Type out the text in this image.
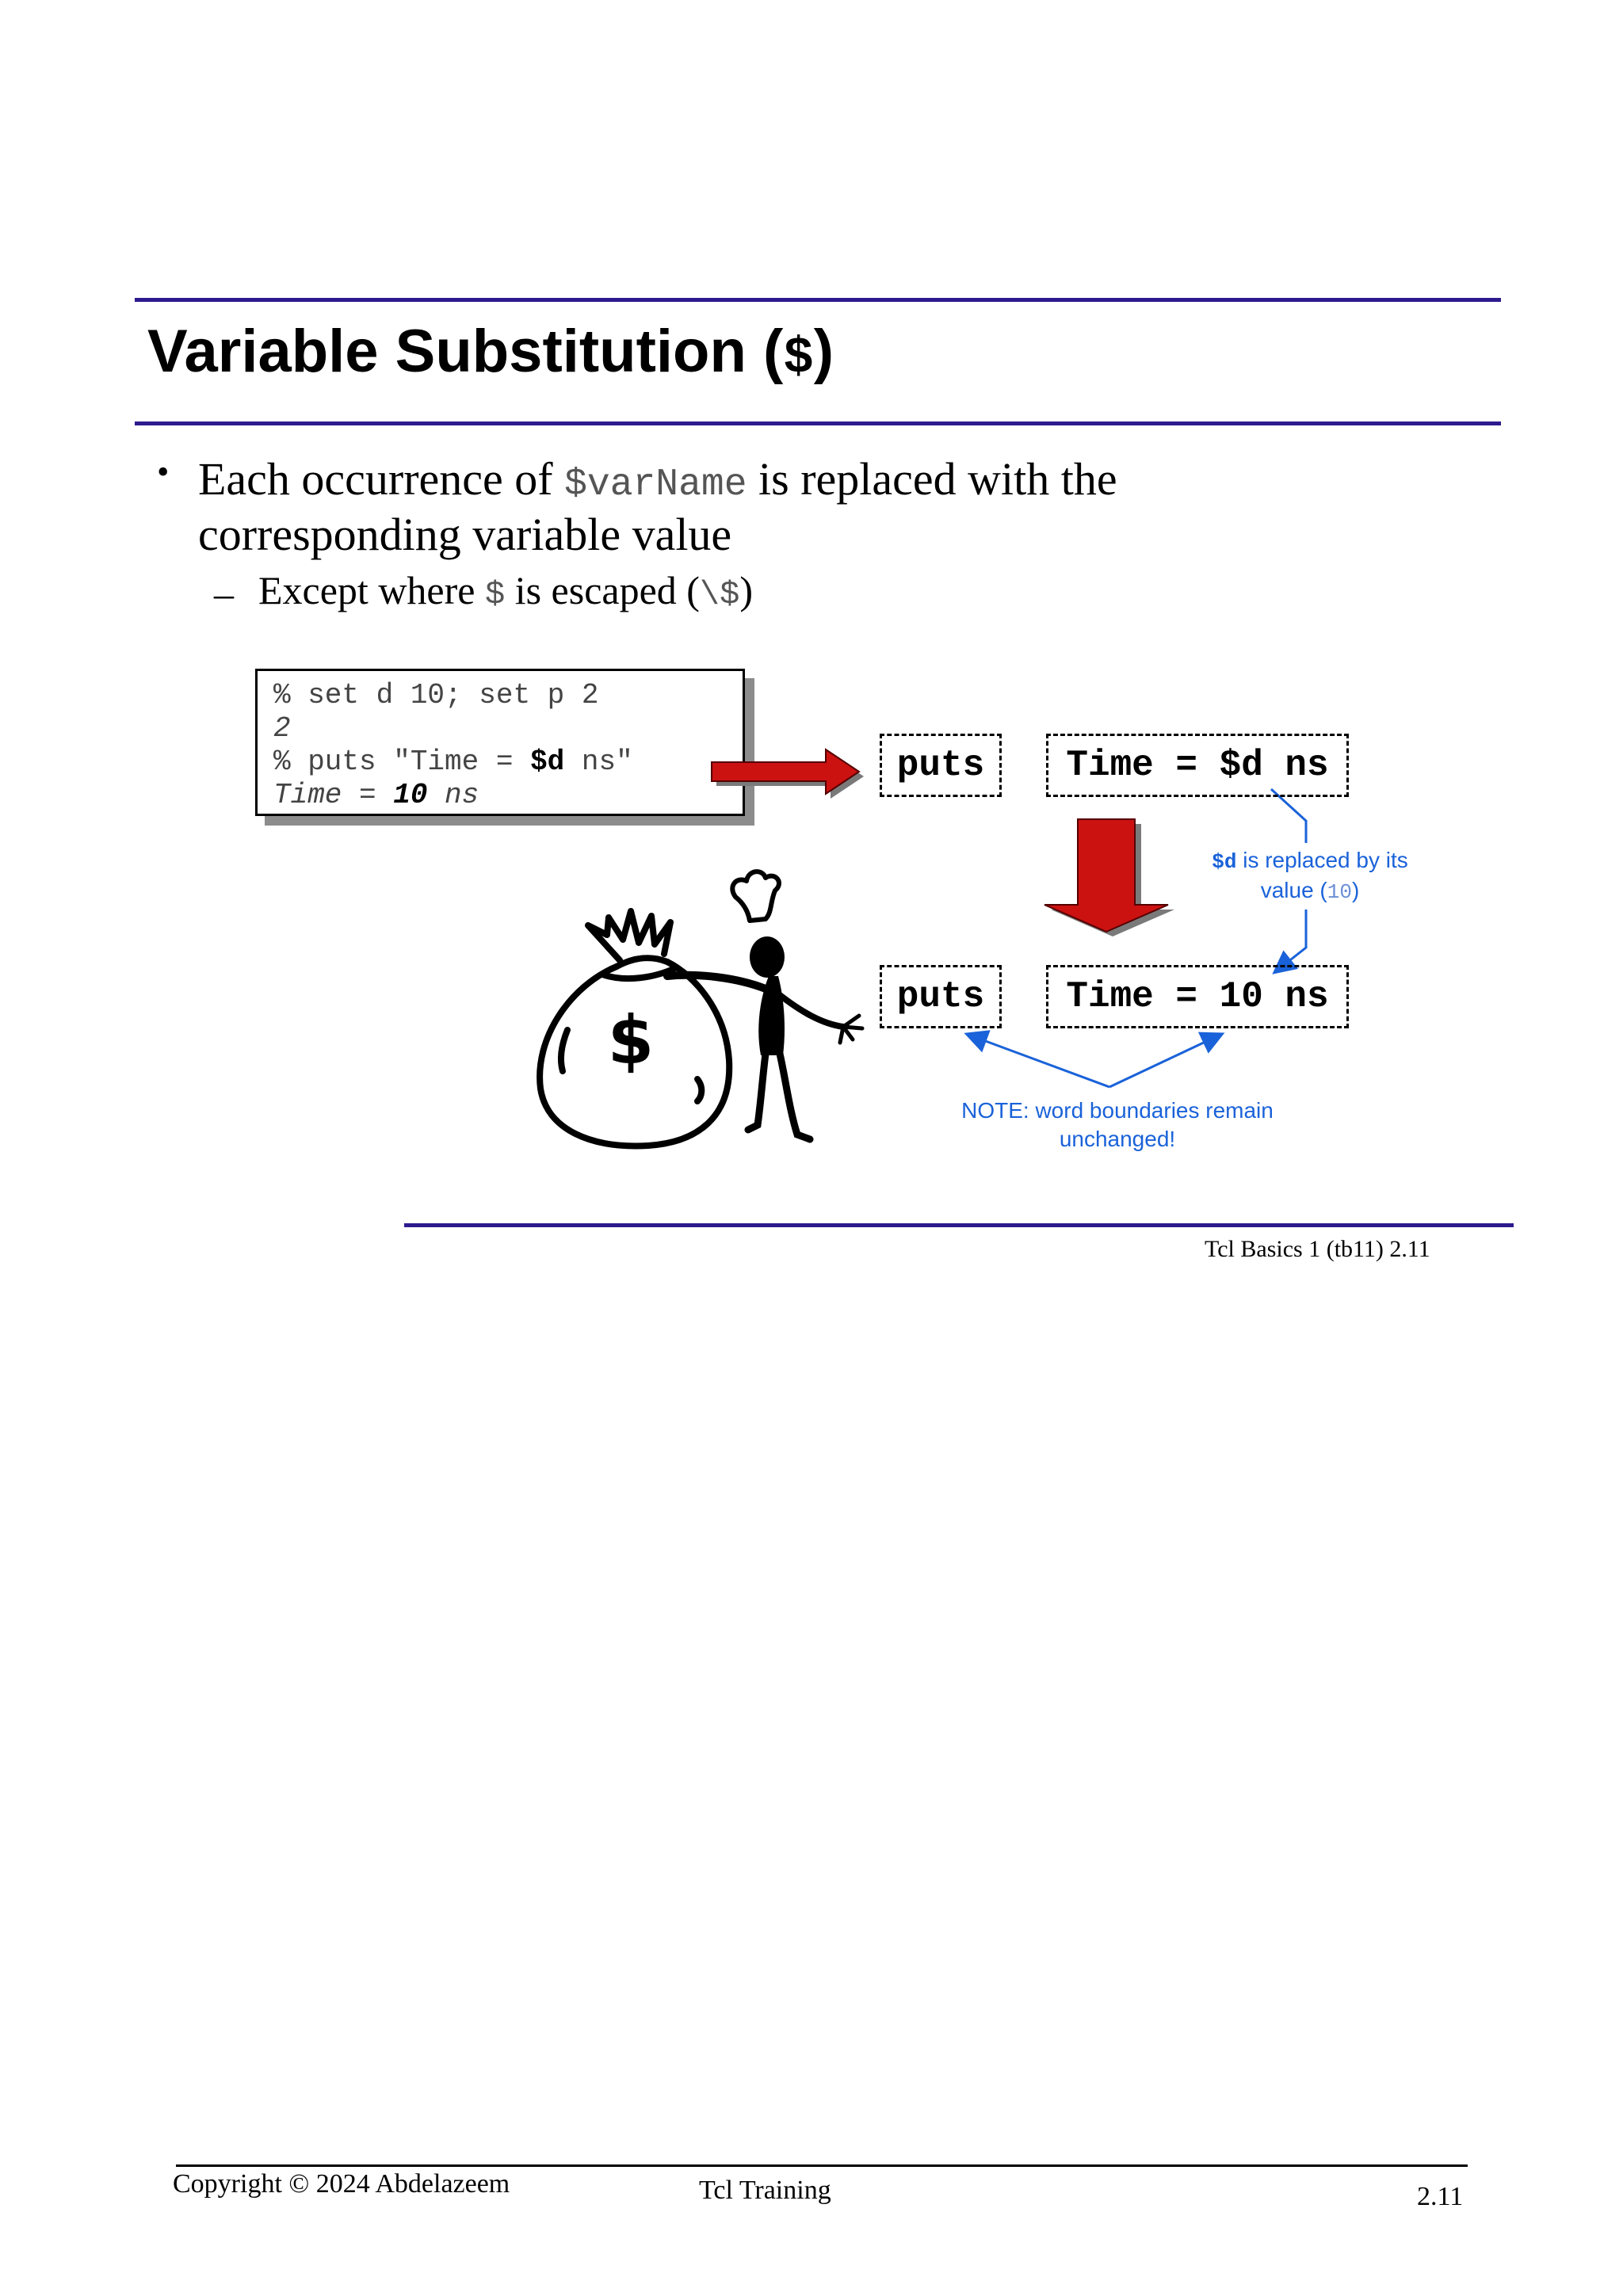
Variable Substitution ($)
• Each occurrence of $varName is replaced with the
corresponding variable value
– Except where $ is escaped (\$)
% set d 10; set p 2
2
% puts "Time = $d ns"
Time = 10 ns
$
puts	Time = $d ns
puts	Time = 10 ns
$d is replaced by its
value (10)
NOTE: word boundaries remain
unchanged!
Tcl Basics 1 (tb11) 2.11
Copyright © 2024 Abdelazeem	Tcl Training	2.11
